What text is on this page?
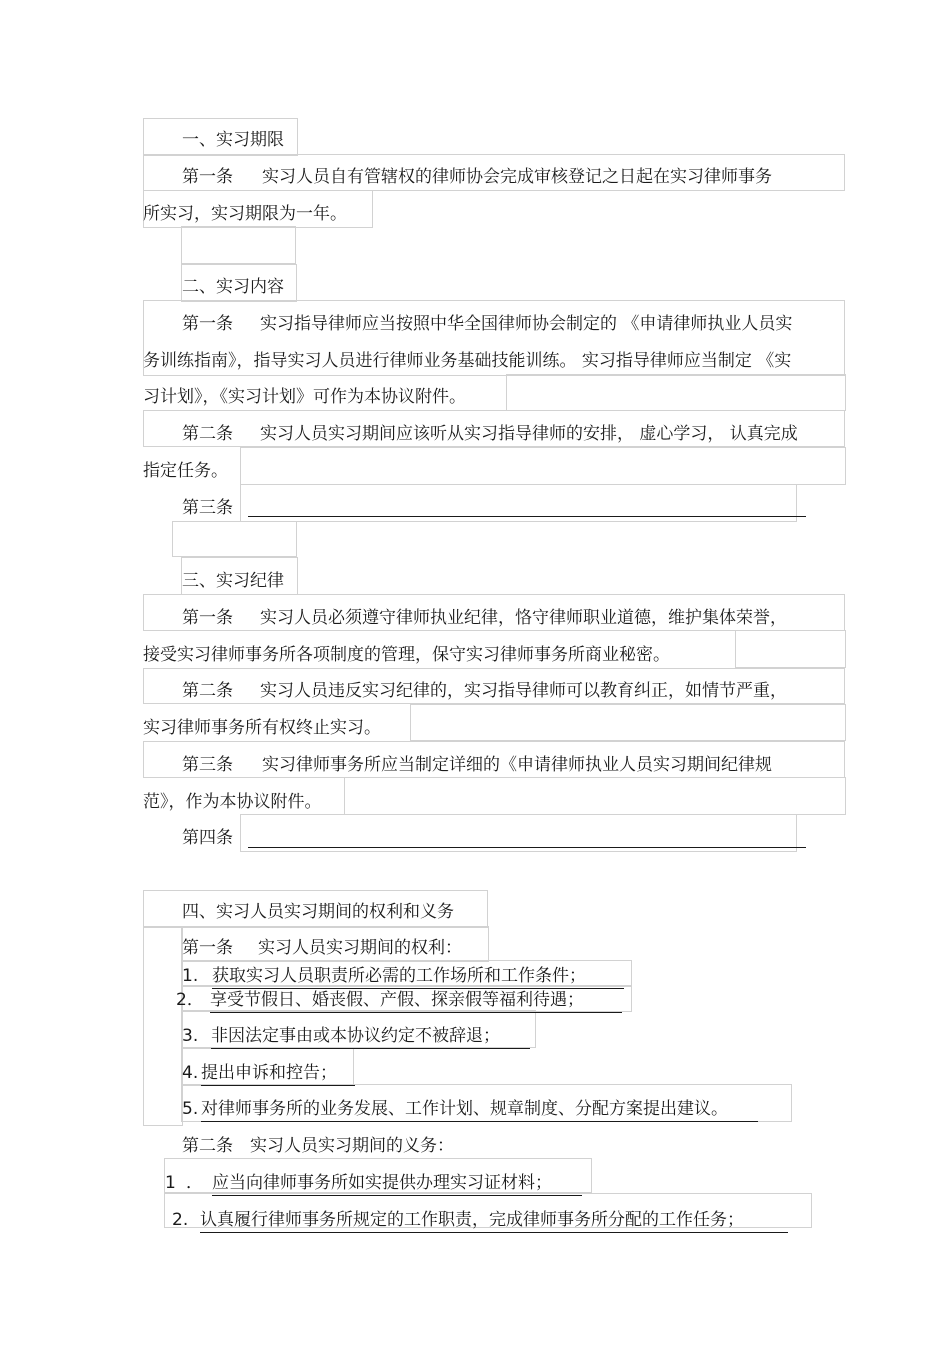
一、实习期限
第一条 实习人员自有管辖权的律师协会完成审核登记之日起在实习律师事务
所实习，实习期限为一年。
二、实习内容
第一条 实习指导律师应当按照中华全国律师协会制定的 《申请律师执业人员实
务训练指南》，指导实习人员进行律师业务基础技能训练。 实习指导律师应当制定 《实
习计划》，《实习计划》可作为本协议附件。
第二条 实习人员实习期间应该听从实习指导律师的安排， 虚心学习， 认真完成
指定任务。
第三条
三、实习纪律
第一条 实习人员必须遵守律师执业纪律，恪守律师职业道德，维护集体荣誉，
接受实习律师事务所各项制度的管理，保守实习律师事务所商业秘密。
第二条 实习人员违反实习纪律的，实习指导律师可以教育纠正，如情节严重，
实习律师事务所有权终止实习。
第三条 实习律师事务所应当制定详细的《申请律师执业人员实习期间纪律规
范》，作为本协议附件。
第四条
四、实习人员实习期间的权利和义务
第一条 实习人员实习期间的权利：
1. 获取实习人员职责所必需的工作场所和工作条件；
2． 享受节假日、婚丧假、产假、探亲假等福利待遇；
3. 非因法定事由或本协议约定不被辞退；
4. 提出申诉和控告；
5. 对律师事务所的业务发展、工作计划、规章制度、分配方案提出建议。
第二条 实习人员实习期间的义务：
1 ． 应当向律师事务所如实提供办理实习证材料；
2. 认真履行律师事务所规定的工作职责，完成律师事务所分配的工作任务；
